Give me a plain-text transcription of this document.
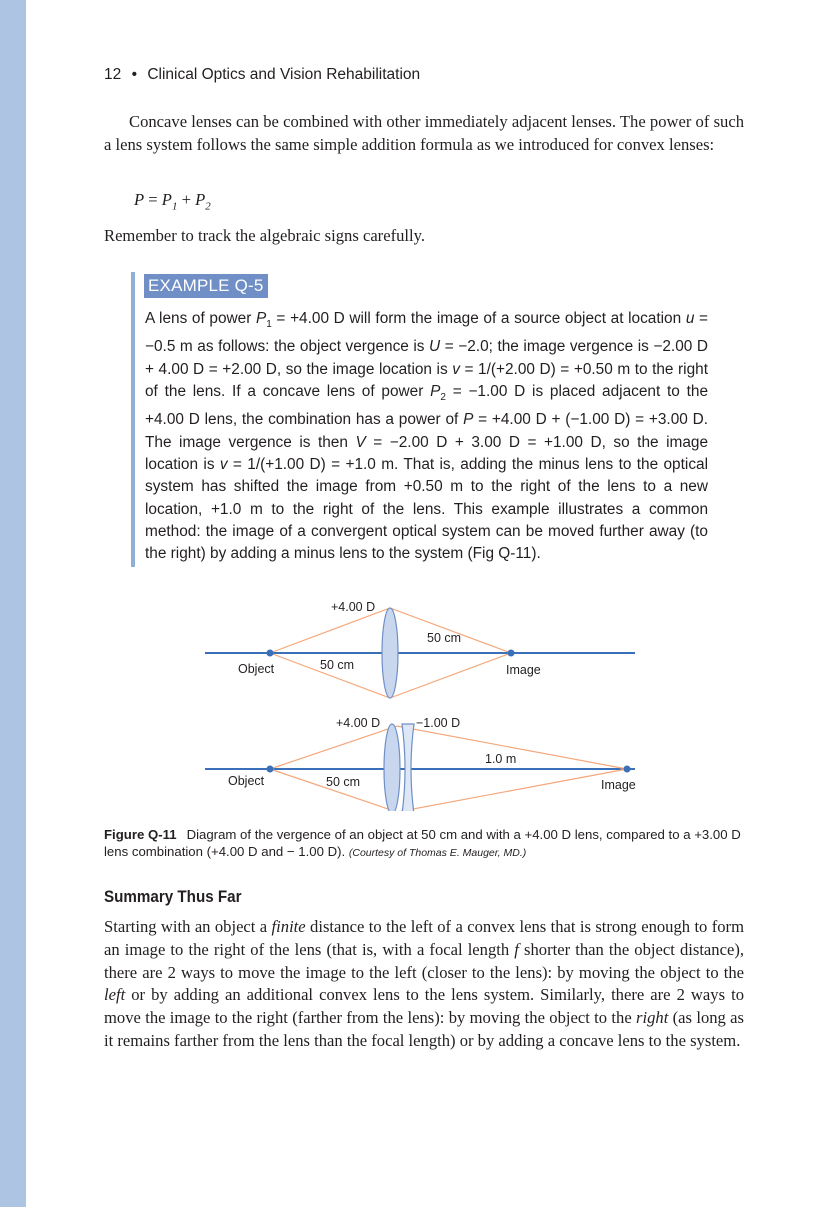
12 • Clinical Optics and Vision Rehabilitation

Concave lenses can be combined with other immediately adjacent lenses. The power of such a lens system follows the same simple addition formula as we introduced for convex lenses:

$P = P_1 + P_2$

Remember to track the algebraic signs carefully.

EXAMPLE Q-5

A lens of power $P_1 = +4.00$ D will form the image of a source object at location u = −0.5 m as follows: the object vergence is U = −2.0; the image vergence is −2.00 D + 4.00 D = +2.00 D, so the image location is v = 1/(+2.00 D) = +0.50 m to the right of the lens. If a concave lens of power $P_2 = -1.00$ D is placed adjacent to the +4.00 D lens, the combination has a power of P = +4.00 D + (−1.00 D) = +3.00 D. The image vergence is then V = −2.00 D + 3.00 D = +1.00 D, so the image location is v = 1/(+1.00 D) = +1.0 m. That is, adding the minus lens to the optical system has shifted the image from +0.50 m to the right of the lens to a new location, +1.0 m to the right of the lens. This example illustrates a common method: the image of a convergent optical system can be moved further away (to the right) by adding a minus lens to the system (Fig Q-11).

+4.00 D
Object	50 cm
50 cm
Image
+4.00 D	−1.00 D
Object	50 cm
1.0 m
Image
Figure Q-11 Diagram of the vergence of an object at 50 cm and with a +4.00 D lens, compared to a +3.00 D lens combination (+4.00 D and − 1.00 D). (Courtesy of Thomas E. Mauger, MD.)
Summary Thus Far

Starting with an object a finite distance to the left of a convex lens that is strong enough to form an image to the right of the lens (that is, with a focal length f shorter than the object distance), there are 2 ways to move the image to the left (closer to the lens): by moving the object to the left or by adding an additional convex lens to the lens system. Similarly, there are 2 ways to move the image to the right (farther from the lens): by moving the object to the right (as long as it remains farther from the lens than the focal length) or by adding a concave lens to the system.
